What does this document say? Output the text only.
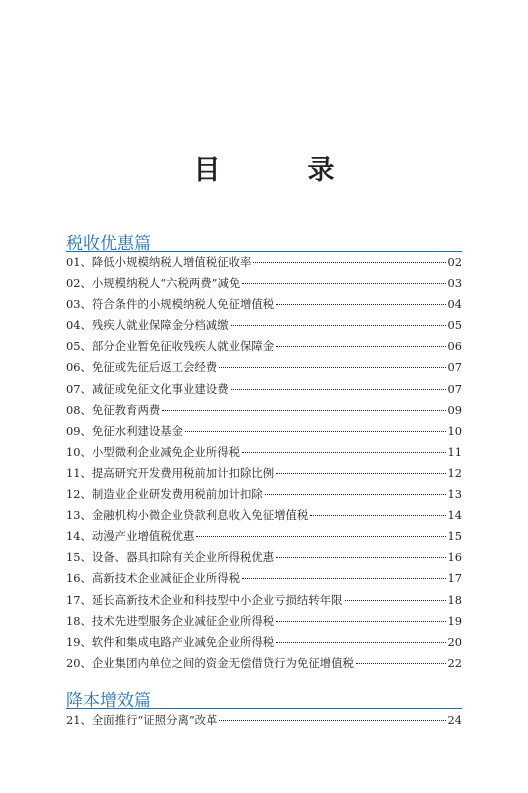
目　录
税收优惠篇
01、 降低小规模纳税人增值税征收率	02
02、 小规模纳税人“六税两费”减免	03
03、 符合条件的小规模纳税人免征增值税	04
04、 残疾人就业保障金分档减缴	05
05、 部分企业暂免征收残疾人就业保障金	06
06、 免征或先征后返工会经费	07
07、 减征或免征文化事业建设费	07
08、 免征教育两费	09
09、 免征水利建设基金	10
10、 小型微利企业减免企业所得税	11
11、 提高研究开发费用税前加计扣除比例	12
12、 制造业企业研发费用税前加计扣除	13
13、 金融机构小微企业贷款利息收入免征增值税	14
14、 动漫产业增值税优惠	15
15、 设备、器具扣除有关企业所得税优惠	16
16、 高新技术企业减征企业所得税	17
17、 延长高新技术企业和科技型中小企业亏损结转年限	18
18、 技术先进型服务企业减征企业所得税	19
19、 软件和集成电路产业减免企业所得税	20
20、 企业集团内单位之间的资金无偿借贷行为免征增值税	22
降本增效篇
21、 全面推行“证照分离”改革	24
